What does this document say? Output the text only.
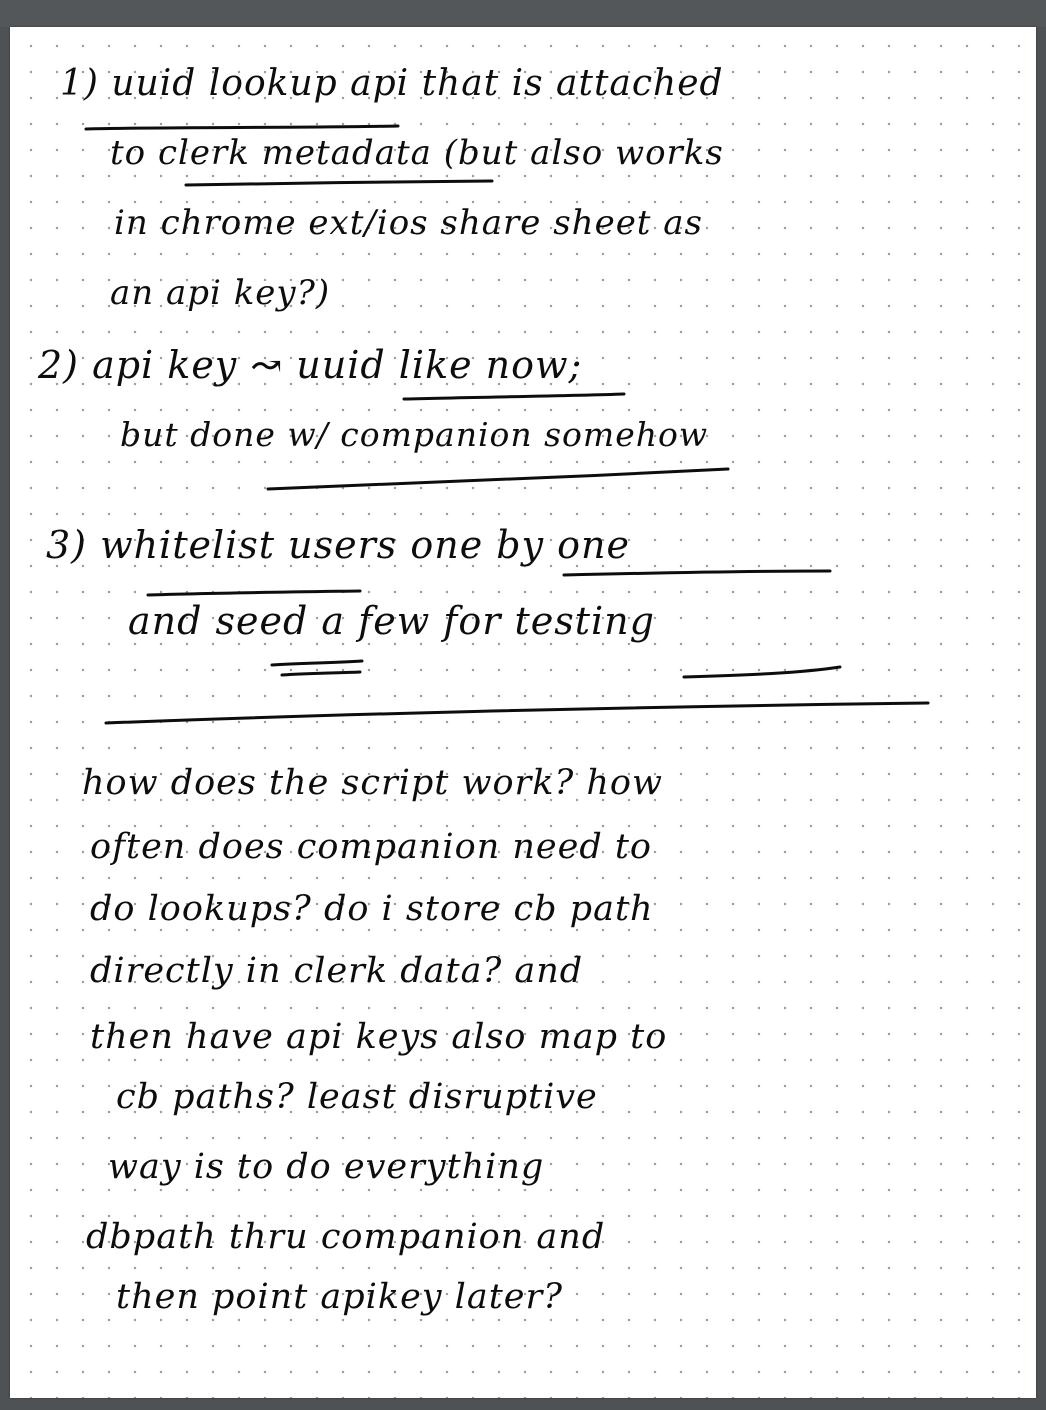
1) uuid lookup api that is attached
to clerk metadata (but also works
in chrome ext/ios share sheet as
an api key?)
2) api key ↝ uuid like now;
but done w/ companion somehow
3) whitelist users one by one
and seed a few for testing
how does the script work? how
often does companion need to
do lookups? do i store cb path
directly in clerk data? and
then have api keys also map to
cb paths? least disruptive
way is to do everything
dbpath thru companion and
then point apikey later?
